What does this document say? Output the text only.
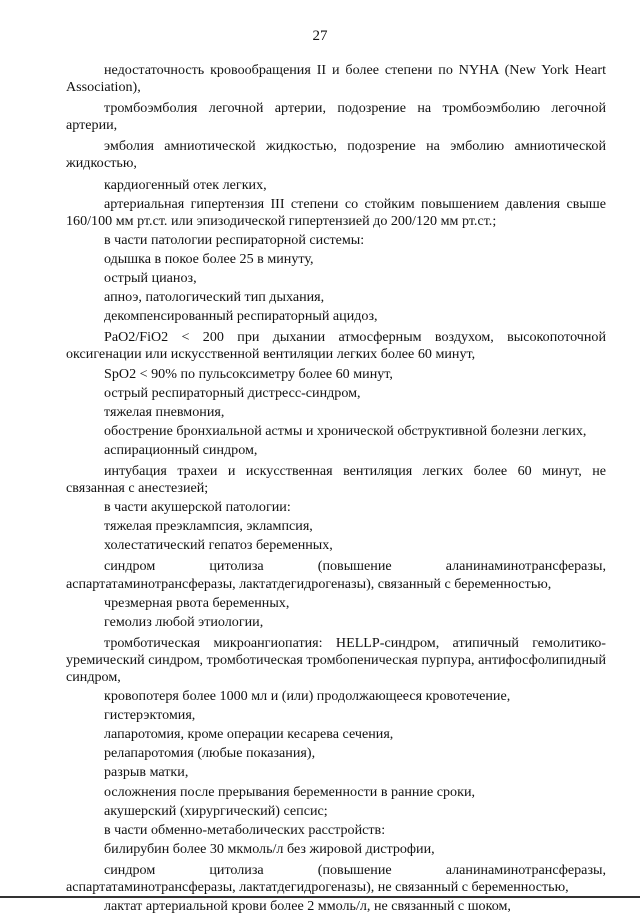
27

недостаточность кровообращения II и более степени по NYHA (New York Heart Association),

тромбоэмболия легочной артерии, подозрение на тромбоэмболию легочной артерии,

эмболия амниотической жидкостью, подозрение на эмболию амниотической жидкостью,

кардиогенный отек легких,

артериальная гипертензия III степени со стойким повышением давления свыше 160/100 мм рт.ст. или эпизодической гипертензией до 200/120 мм рт.ст.;

в части патологии респираторной системы:

одышка в покое более 25 в минуту,

острый цианоз,

апноэ, патологический тип дыхания,

декомпенсированный респираторный ацидоз,

PaO2/FiO2 < 200 при дыхании атмосферным воздухом, высокопоточной оксигенации или искусственной вентиляции легких более 60 минут,

SpO2 < 90% по пульсоксиметру более 60 минут,

острый респираторный дистресс-синдром,

тяжелая пневмония,

обострение бронхиальной астмы и хронической обструктивной болезни легких,

аспирационный синдром,

интубация трахеи и искусственная вентиляция легких более 60 минут, не связанная с анестезией;

в части акушерской патологии:

тяжелая преэклампсия, эклампсия,

холестатический гепатоз беременных,

синдром цитолиза (повышение аланинаминотрансферазы, аспартатаминотрансферазы, лактатдегидрогеназы), связанный с беременностью,

чрезмерная рвота беременных,

гемолиз любой этиологии,

тромботическая микроангиопатия: HELLP-синдром, атипичный гемолитико-уремический синдром, тромботическая тромбопеническая пурпура, антифосфолипидный синдром,

кровопотеря более 1000 мл и (или) продолжающееся кровотечение,

гистерэктомия,

лапаротомия, кроме операции кесарева сечения,

релапаротомия (любые показания),

разрыв матки,

осложнения после прерывания беременности в ранние сроки,

акушерский (хирургический) сепсис;

в части обменно-метаболических расстройств:

билирубин более 30 мкмоль/л без жировой дистрофии,

синдром цитолиза (повышение аланинаминотрансферазы, аспартатаминотрансферазы, лактатдегидрогеназы), не связанный с беременностью,

лактат артериальной крови более 2 ммоль/л, не связанный с шоком,
